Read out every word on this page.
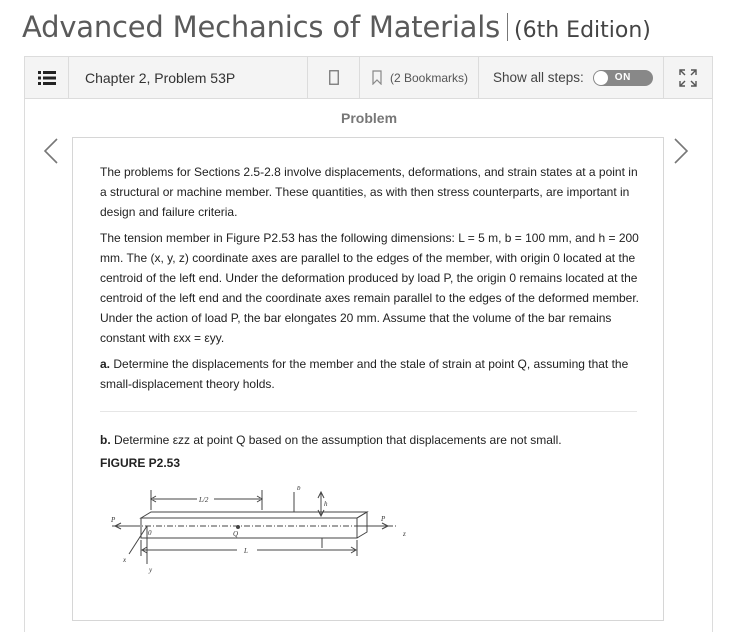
Advanced Mechanics of Materials (6th Edition)
Chapter 2, Problem 53P	(2 Bookmarks) Show all steps:	ON
Problem

The problems for Sections 2.5-2.8 involve displacements, deformations, and strain states at a point in a structural or machine member. These quantities, as with then stress counterparts, are important in design and failure criteria.

The tension member in Figure P2.53 has the following dimensions: L = 5 m, b = 100 mm, and h = 200 mm. The (x, y, z) coordinate axes are parallel to the edges of the member, with origin 0 located at the centroid of the left end. Under the deformation produced by load P, the origin 0 remains located at the centroid of the left end and the coordinate axes remain parallel to the edges of the deformed member. Under the action of load P, the bar elongates 20 mm. Assume that the volume of the bar remains constant with εxx = εyy.

a. Determine the displacements for the member and the stale of strain at point Q, assuming that the small-displacement theory holds.

b. Determine εzz at point Q based on the assumption that displacements are not small.
FIGURE P2.53
L/2
b
h
P	P
0	Q	z
x
y
L
